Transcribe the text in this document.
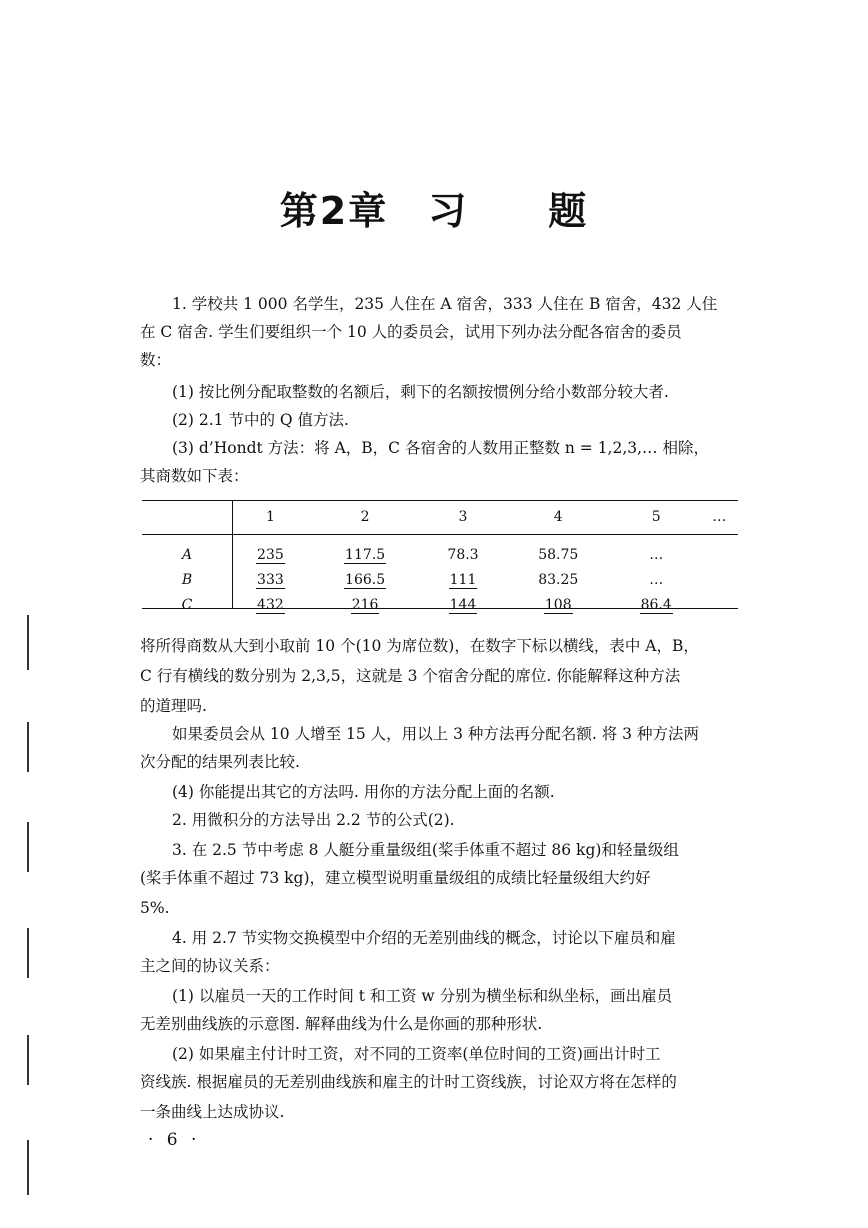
第2章　习　　题

1. 学校共 1 000 名学生，235 人住在 A 宿舍，333 人住在 B 宿舍，432 人住

在 C 宿舍. 学生们要组织一个 10 人的委员会，试用下列办法分配各宿舍的委员

数：

(1) 按比例分配取整数的名额后，剩下的名额按惯例分给小数部分较大者.

(2) 2.1 节中的 Q 值方法.

(3) d’Hondt 方法：将 A，B，C 各宿舍的人数用正整数 n = 1,2,3,… 相除，

其商数如下表：

	1	2	3	4	5	…
A	235	117.5	78.3	58.75	…	
B	333	166.5	111	83.25	…	
C	432	216	144	108	86.4	

将所得商数从大到小取前 10 个(10 为席位数)，在数字下标以横线，表中 A，B，

C 行有横线的数分别为 2,3,5，这就是 3 个宿舍分配的席位. 你能解释这种方法

的道理吗.

如果委员会从 10 人增至 15 人，用以上 3 种方法再分配名额. 将 3 种方法两

次分配的结果列表比较.

(4) 你能提出其它的方法吗. 用你的方法分配上面的名额.

2. 用微积分的方法导出 2.2 节的公式(2).

3. 在 2.5 节中考虑 8 人艇分重量级组(桨手体重不超过 86 kg)和轻量级组

(桨手体重不超过 73 kg)，建立模型说明重量级组的成绩比轻量级组大约好

5%.

4. 用 2.7 节实物交换模型中介绍的无差别曲线的概念，讨论以下雇员和雇

主之间的协议关系：

(1) 以雇员一天的工作时间 t 和工资 w 分别为横坐标和纵坐标，画出雇员

无差别曲线族的示意图. 解释曲线为什么是你画的那种形状.

(2) 如果雇主付计时工资，对不同的工资率(单位时间的工资)画出计时工

资线族. 根据雇员的无差别曲线族和雇主的计时工资线族，讨论双方将在怎样的

一条曲线上达成协议.

· 6 ·
